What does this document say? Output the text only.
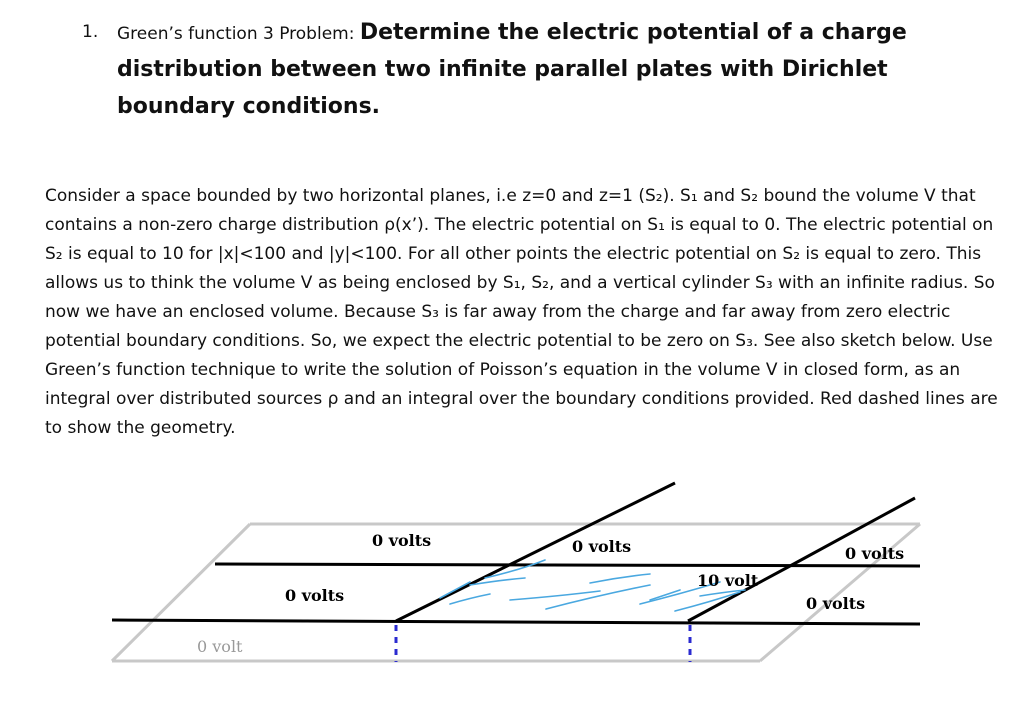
1. Green’s function 3 Problem: Determine the electric potential of a charge distribution between two infinite parallel plates with Dirichlet boundary conditions.

Consider a space bounded by two horizontal planes, i.e z=0 and z=1 (S₂). S₁ and S₂ bound the volume V that contains a non-zero charge distribution ρ(x’). The electric potential on S₁ is equal to 0. The electric potential on S₂ is equal to 10 for |x|<100 and |y|<100. For all other points the electric potential on S₂ is equal to zero. This allows us to think the volume V as being enclosed by S₁, S₂, and a vertical cylinder S₃ with an infinite radius. So now we have an enclosed volume. Because S₃ is far away from the charge and far away from zero electric potential boundary conditions. So, we expect the electric potential to be zero on S₃. See also sketch below. Use Green’s function technique to write the solution of Poisson’s equation in the volume V in closed form, as an integral over distributed sources ρ and an integral over the boundary conditions provided. Red dashed lines are to show the geometry.

0 volts	0 volts	0 volts
10 volt
0 volts	0 volts
0 volt
